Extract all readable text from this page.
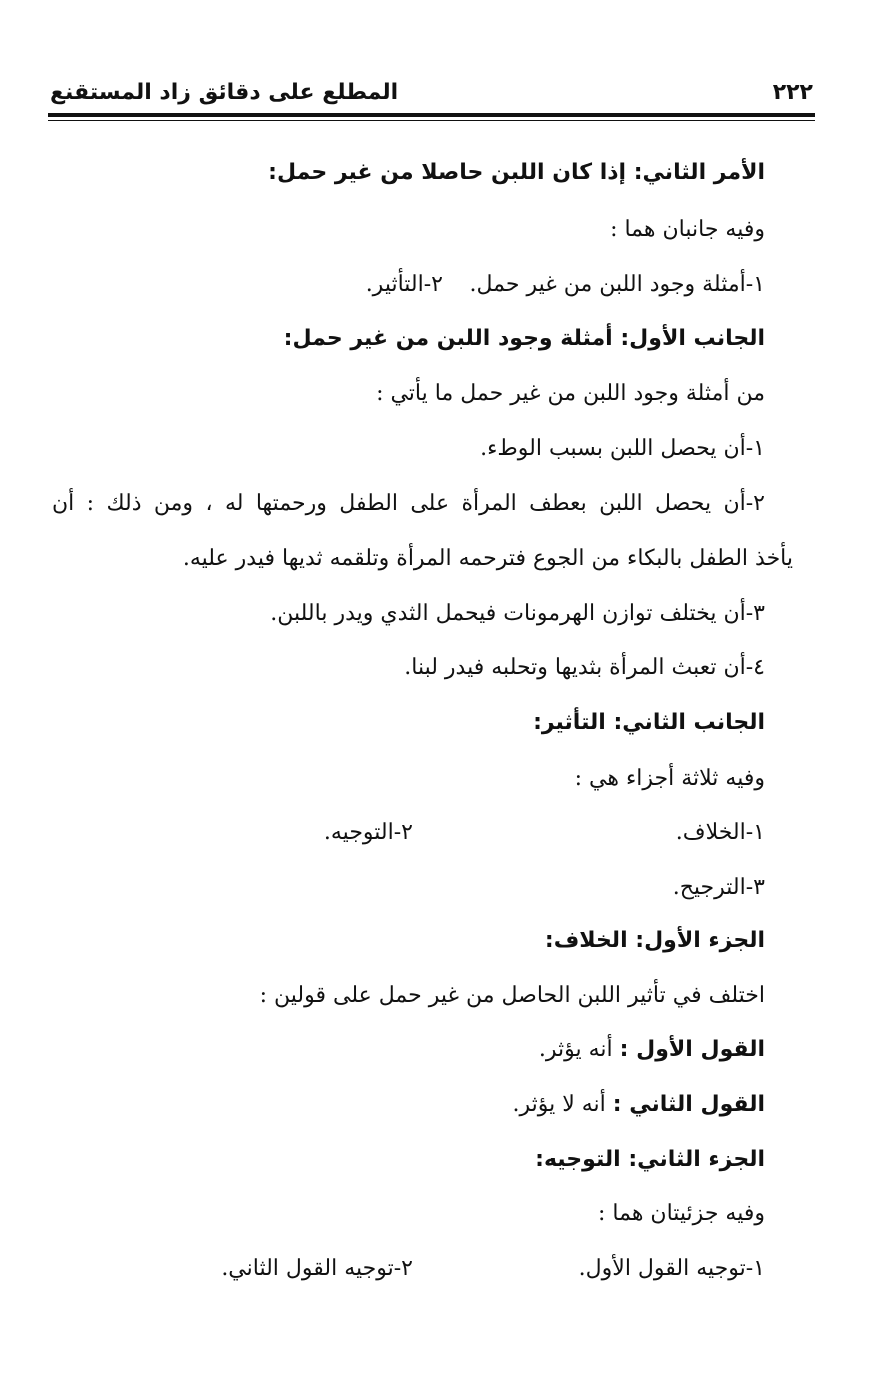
٢٢٢
المطلع على دقائق زاد المستقنع
الأمر الثاني: إذا كان اللبن حاصلا من غير حمل:
وفيه جانبان هما :
١-أمثلة وجود اللبن من غير حمل.
٢-التأثير.
الجانب الأول: أمثلة وجود اللبن من غير حمل:
من أمثلة وجود اللبن من غير حمل ما يأتي :
١-أن يحصل اللبن بسبب الوطء.
٢-أن يحصل اللبن بعطف المرأة على الطفل ورحمتها له ، ومن ذلك : أن
يأخذ الطفل بالبكاء من الجوع فترحمه المرأة وتلقمه ثديها فيدر عليه.
٣-أن يختلف توازن الهرمونات فيحمل الثدي ويدر باللبن.
٤-أن تعبث المرأة بثديها وتحلبه فيدر لبنا.
الجانب الثاني: التأثير:
وفيه ثلاثة أجزاء هي :
١-الخلاف.
٢-التوجيه.
٣-الترجيح.
الجزء الأول: الخلاف:
اختلف في تأثير اللبن الحاصل من غير حمل على قولين :
القول الأول : أنه يؤثر.
القول الثاني : أنه لا يؤثر.
الجزء الثاني: التوجيه:
وفيه جزئيتان هما :
١-توجيه القول الأول.
٢-توجيه القول الثاني.
